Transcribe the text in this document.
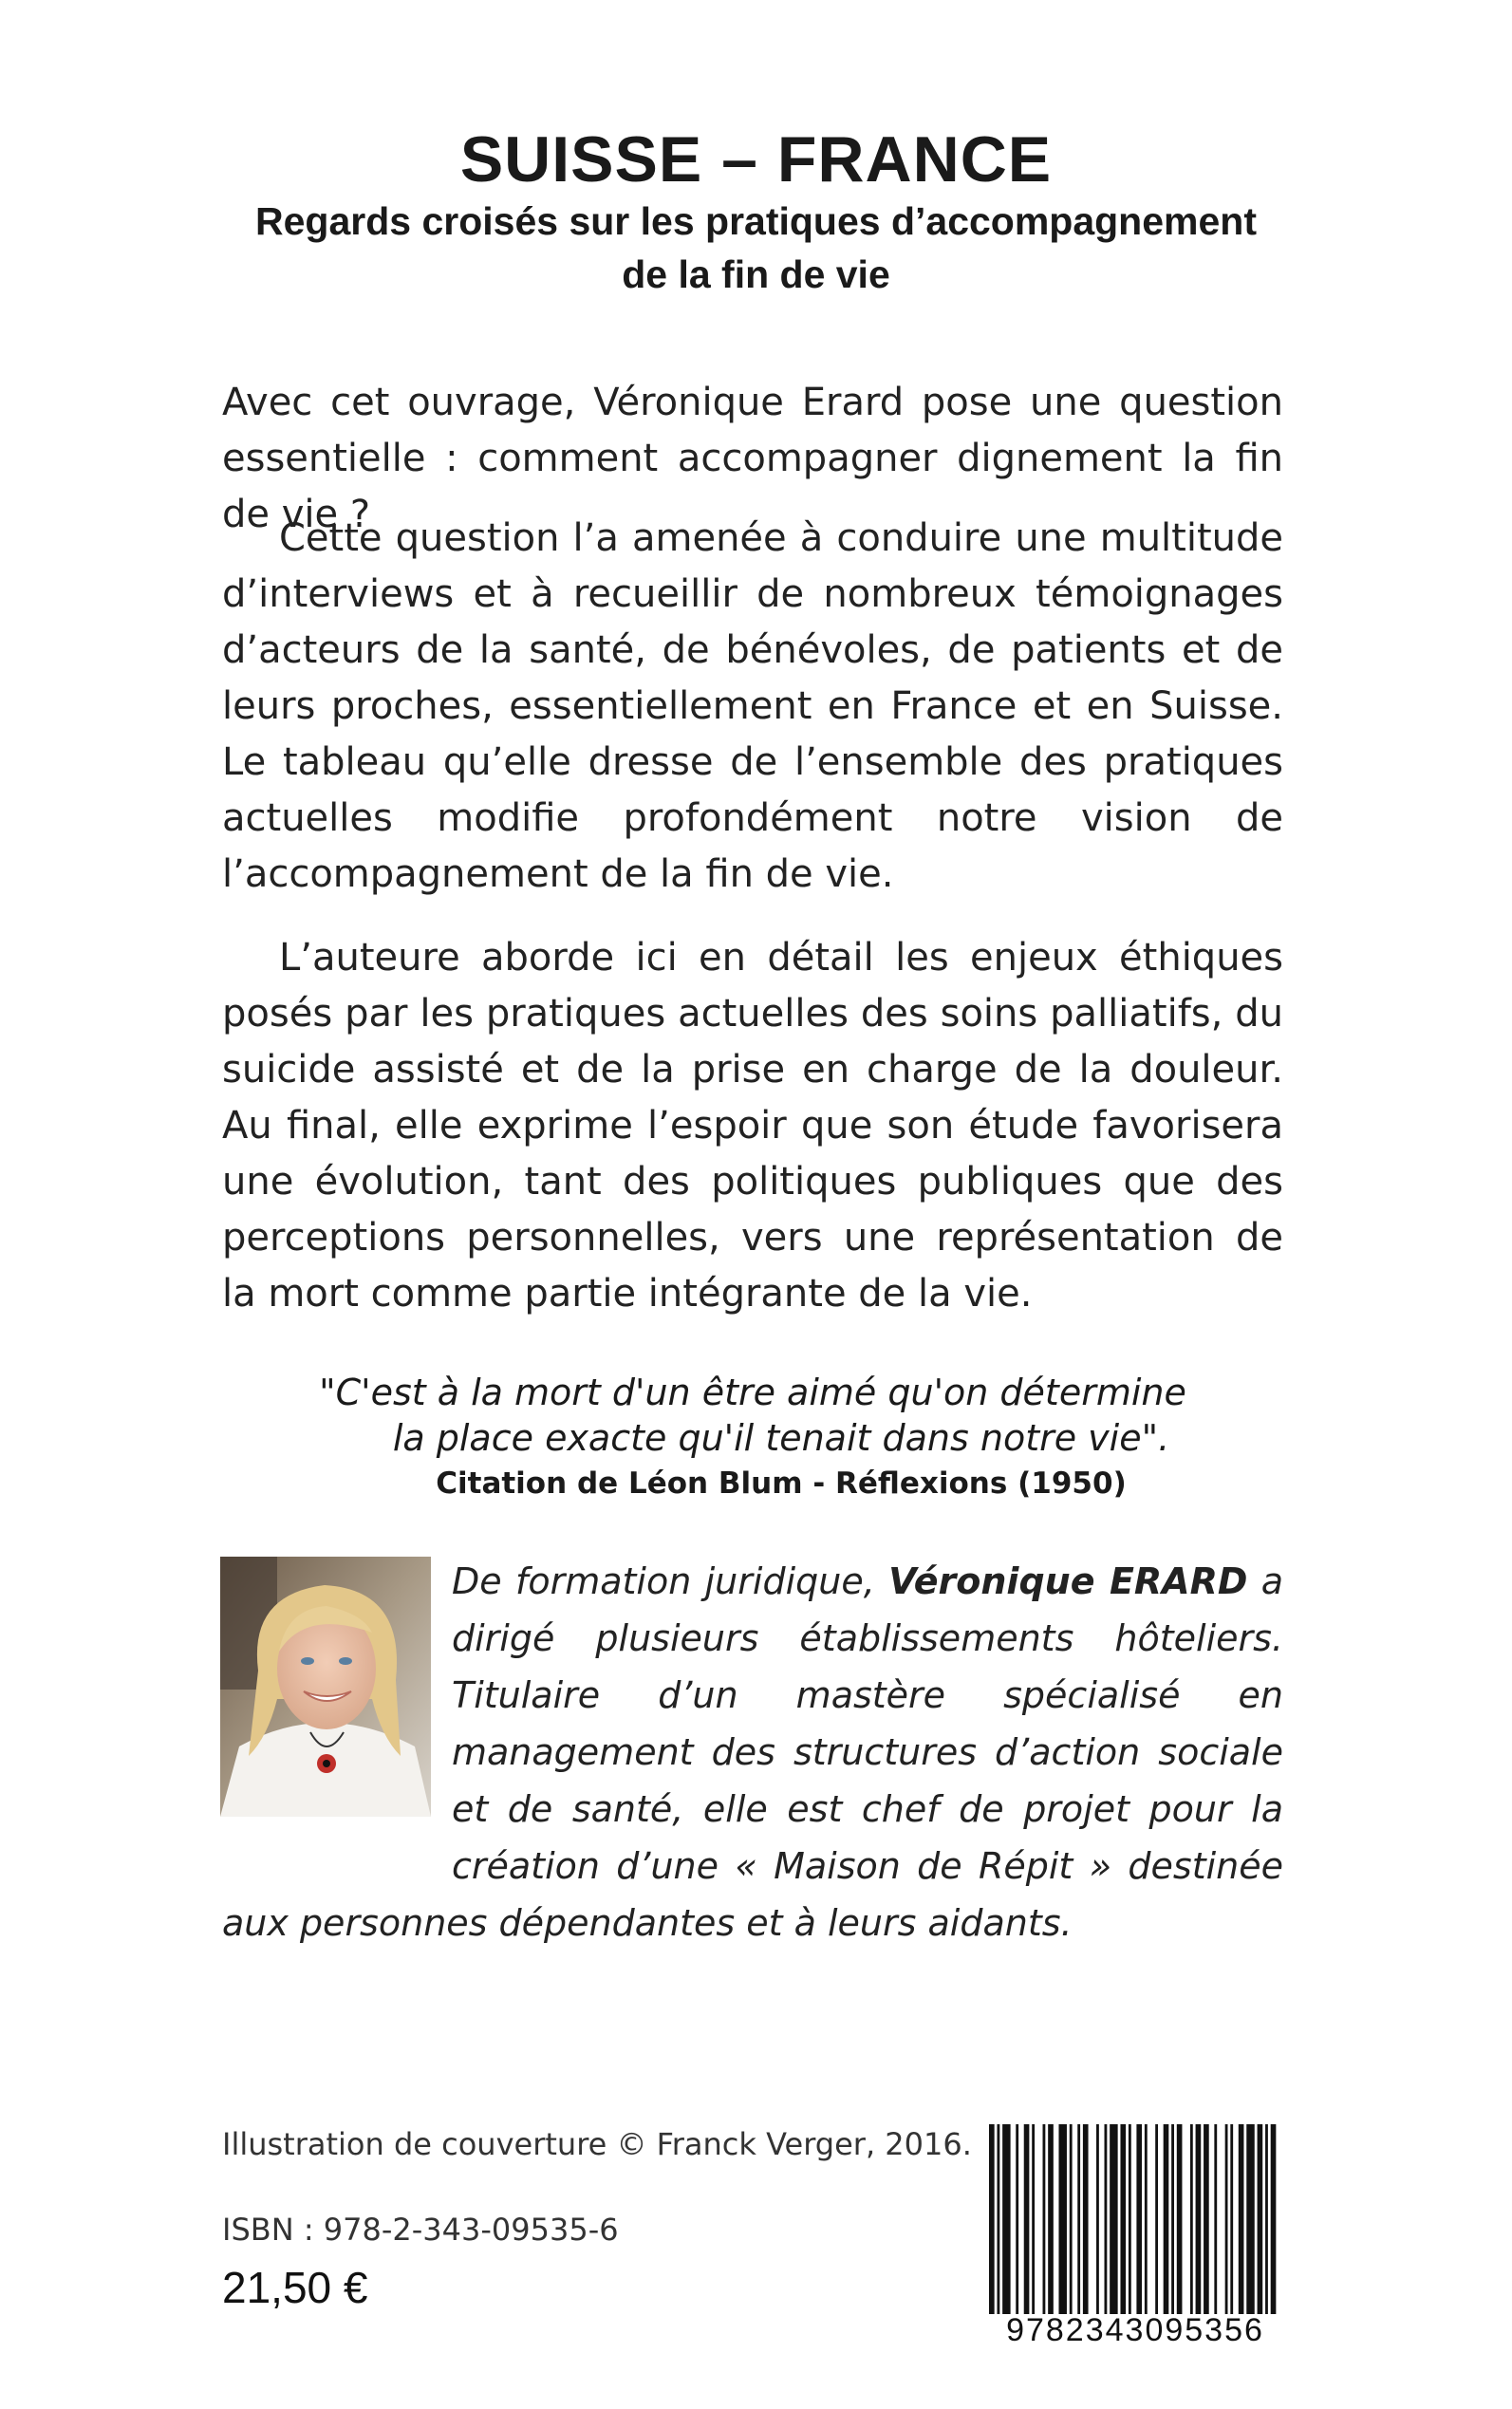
SUISSE – FRANCE
Regards croisés sur les pratiques d’accompagnement
de la fin de vie

Avec cet ouvrage, Véronique Erard pose une question essentielle : comment accompagner dignement la fin de vie ?

Cette question l’a amenée à conduire une multitude d’interviews et à recueillir de nombreux témoignages d’acteurs de la santé, de bénévoles, de patients et de leurs proches, essentiellement en France et en Suisse. Le tableau qu’elle dresse de l’ensemble des pratiques actuelles modifie profondément notre vision de l’accompagnement de la fin de vie.

L’auteure aborde ici en détail les enjeux éthiques posés par les pratiques actuelles des soins palliatifs, du suicide assisté et de la prise en charge de la douleur. Au final, elle exprime l’espoir que son étude favorisera une évolution, tant des politiques publiques que des perceptions personnelles, vers une représentation de la mort comme partie intégrante de la vie.

"C'est à la mort d'un être aimé qu'on détermine
la place exacte qu'il tenait dans notre vie".
Citation de Léon Blum - Réflexions (1950)
De formation juridique, Véronique ERARD a dirigé plusieurs établissements hôteliers. Titulaire d’un mastère spécialisé en management des structures d’action sociale et de santé, elle est chef de projet pour la création d’une « Maison de Répit » destinée aux personnes dépendantes et à leurs aidants.
Illustration de couverture © Franck Verger, 2016.
ISBN : 978-2-343-09535-6
21,50 €
9782343095356
